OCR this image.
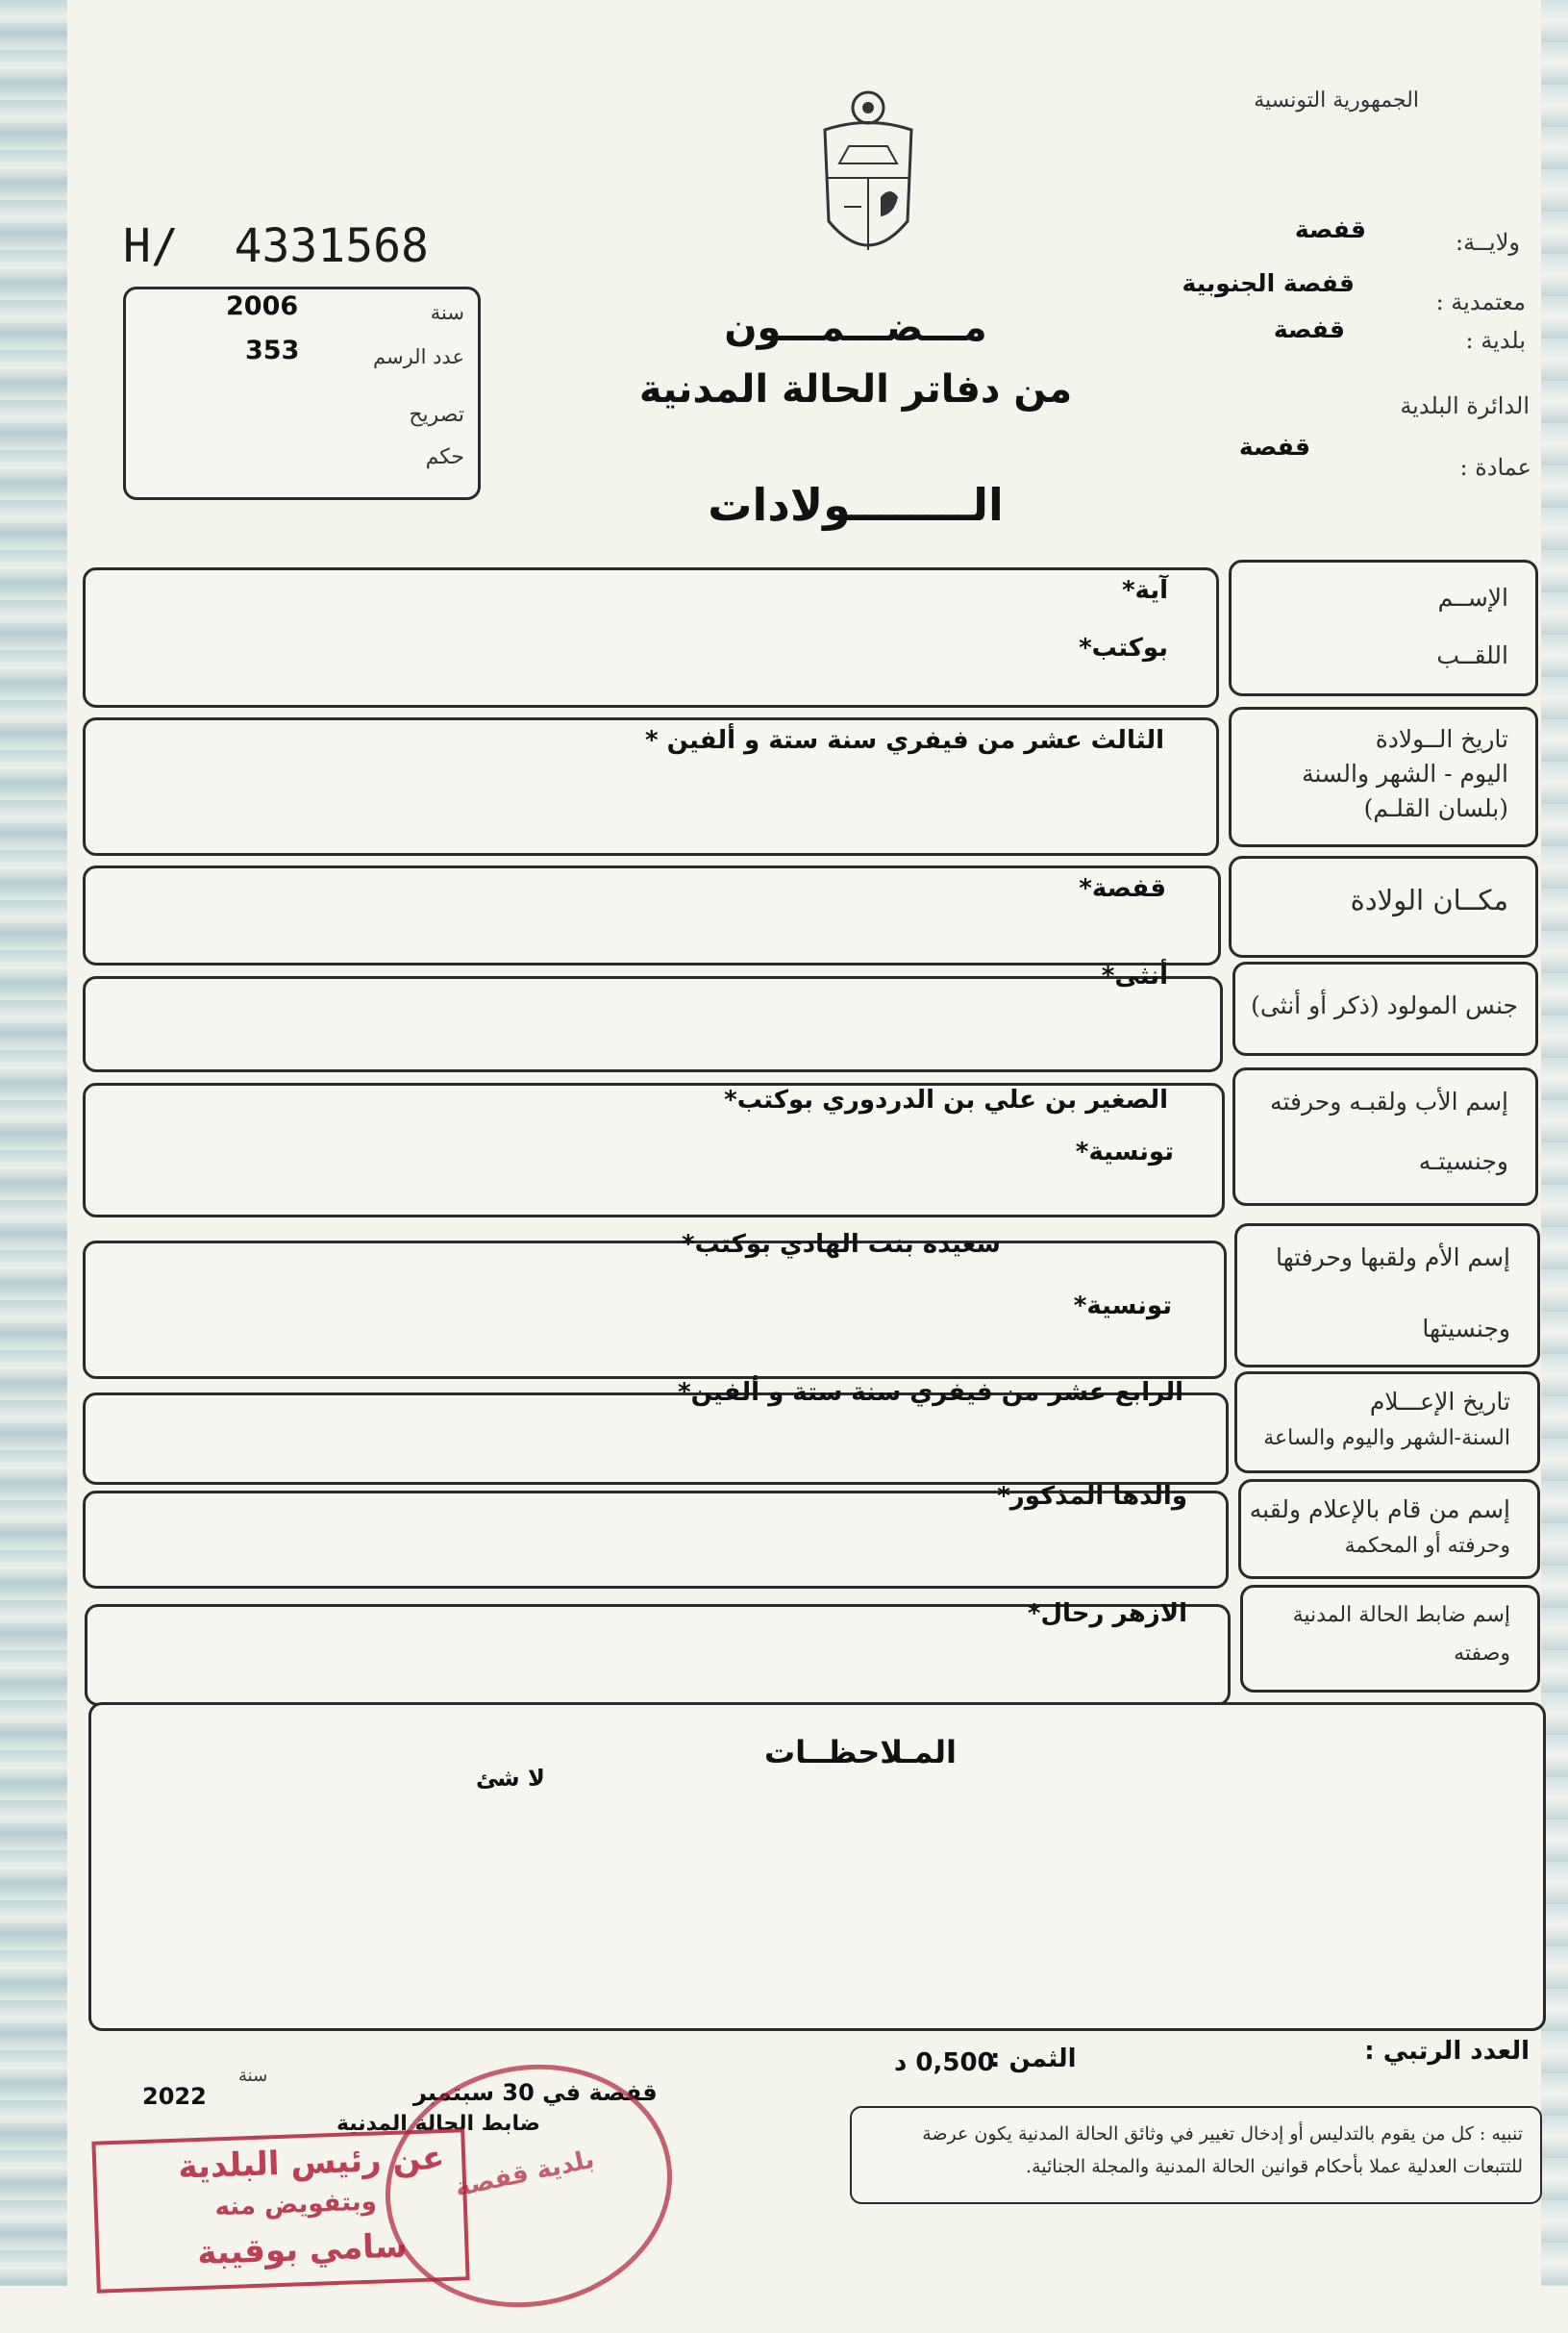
الجمهورية التونسية
H/  4331568
سنة
2006
عدد الرسم
353
تصريح
حكم
ولايــة:
قفصة
معتمدية :
قفصة الجنوبية
بلدية :
قفصة
الدائرة البلدية
عمادة :
قفصة
مـــضـــمـــون
من دفاتر الحالة المدنية
الــــــــولادات
الإســم
اللقــب
آية*
بوكتب*
تاريخ الــولادة
اليوم - الشهر والسنة
(بلسان القلـم)
الثالث عشر من فيفري سنة ستة و ألفين *
مكــان الولادة
قفصة*
جنس المولود (ذكر أو أنثى)
أنثى*
إسم الأب ولقبـه وحرفته
وجنسيتـه
الصغير بن علي بن الدردوري بوكتب*
تونسية*
إسم الأم ولقبها وحرفتها
وجنسيتها
سعيده بنت الهادي بوكتب*
تونسية*
تاريخ الإعـــلام
السنة-الشهر واليوم والساعة
الرابع عشر من فيفري سنة ستة و ألفين*
إسم من قام بالإعلام ولقبه
وحرفته أو المحكمة
والدها المذكور*
إسم ضابط الحالة المدنية
وصفته
الازهر رحال*
المـلاحظــات
لا شئ
العدد الرتبي :
الثمن :
0,500 د
تنبيه : كل من يقوم بالتدليس أو إدخال تغيير في وثائق الحالة المدنية يكون عرضة للتتبعات العدلية عملا بأحكام قوانين الحالة المدنية والمجلة الجنائية.
سنة
2022	قفصة في 30 سبتمبر
ضابط الحالة المدنية
بلدية قفصة
عن رئيس البلدية
وبتفويض منه
سامي بوقيبة
